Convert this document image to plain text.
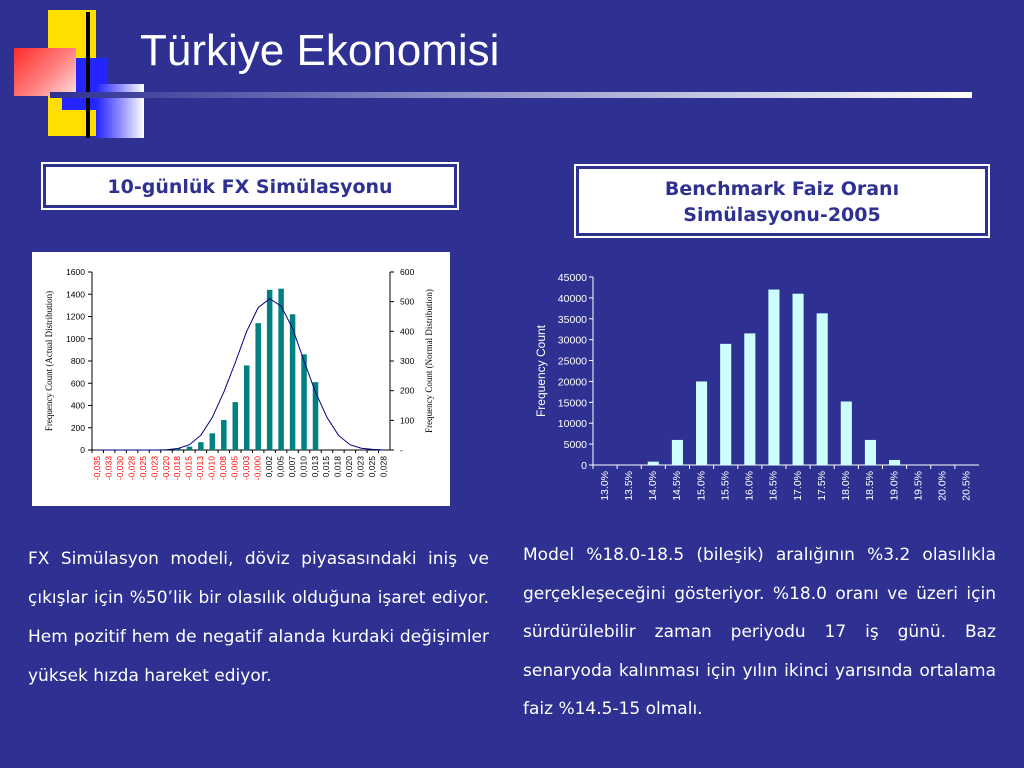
Türkiye Ekonomisi
10-günlük FX Simülasyonu	Benchmark Faiz Oranı
Simülasyonu-2005
0
200
400
600
800
1000
1200
1400
1600
-
100
200
300
400
500
600
-0,035 -0,033 -0,030 -0,028 -0,025 -0,023 -0,020 -0,018 -0,015 -0,013 -0,010 -0,008 -0,005 -0,003 -0,000 0,002 0,005 0,007 0,010 0,013 0,015 0,018 0,020 0,023 0,025 0,028
Frequency Count (Actual Distribution)	Frequency Count (Normal Distribution)
0
5000
10000
15000
20000
25000
30000
35000
40000
45000
13.0% 13.5% 14.0% 14.5% 15.0% 15.5% 16.0% 16.5% 17.0% 17.5% 18.0% 18.5% 19.0% 19.5% 20.0% 20.5%
Frequency Count
FX Simülasyon modeli, döviz piyasasındaki iniş ve çıkışlar için %50’lik bir olasılık olduğuna işaret ediyor. Hem pozitif hem de negatif alanda kurdaki değişimler yüksek hızda hareket ediyor.
Model %18.0-18.5 (bileşik) aralığının %3.2 olasılıkla gerçekleşeceğini gösteriyor. %18.0 oranı ve üzeri için sürdürülebilir zaman periyodu 17 iş günü. Baz senaryoda kalınması için yılın ikinci yarısında ortalama faiz %14.5-15 olmalı.
